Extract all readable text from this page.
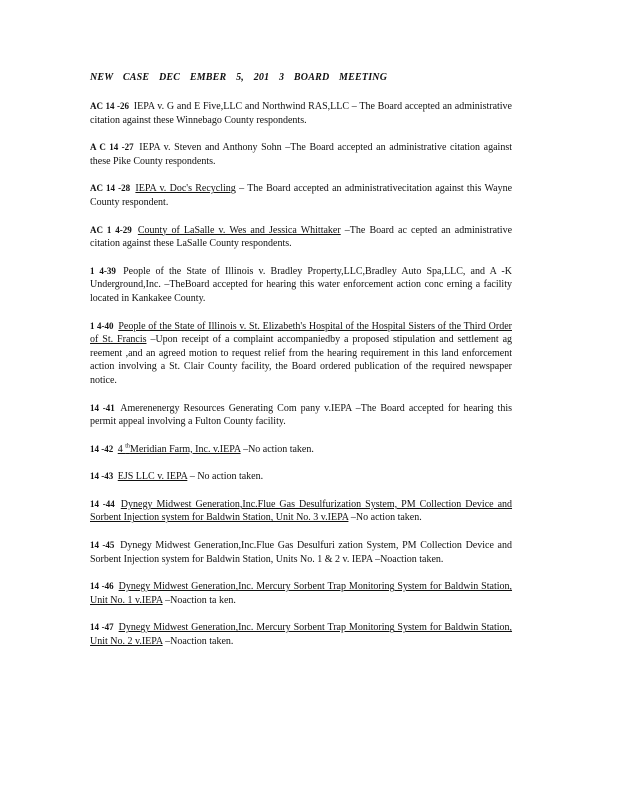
NEW CASE DEC EMBER 5, 201 3 BOARD MEETING

AC 14 -26 IEPA v. G and E Five,LLC and Northwind RAS,LLC – The Board accepted an administrative citation against these Winnebago County respondents.

A C 14 -27 IEPA v. Steven and Anthony Sohn –The Board accepted an administrative citation against these Pike County respondents.

AC 14 -28 IEPA v. Doc's Recycling – The Board accepted an administrativecitation against this Wayne County respondent.

AC 1 4-29 County of LaSalle v. Wes and Jessica Whittaker –The Board ac cepted an administrative citation against these LaSalle County respondents.

1 4-39 People of the State of Illinois v. Bradley Property,LLC,Bradley Auto Spa,LLC, and A -K Underground,Inc. –TheBoard accepted for hearing this water enforcement action conc erning a facility located in Kankakee County.

1 4-40 People of the State of Illinois v. St. Elizabeth's Hospital of the Hospital Sisters of the Third Order of St. Francis –Upon receipt of a complaint accompaniedby a proposed stipulation and settlement ag reement ,and an agreed motion to request relief from the hearing requirement in this land enforcement action involving a St. Clair County facility, the Board ordered publication of the required newspaper notice.

14 -41 Amerenenergy Resources Generating Com pany v.IEPA –The Board accepted for hearing this permit appeal involving a Fulton County facility.

14 -42 4 $^{th}$Meridian Farm, Inc. v.IEPA –No action taken.

14 -43 EJS LLC v. IEPA – No action taken.

14 -44 Dynegy Midwest Generation,Inc.Flue Gas Desulfurization System, PM Collection Device and Sorbent Injection system for Baldwin Station, Unit No. 3 v.IEPA –No action taken.

14 -45 Dynegy Midwest Generation,Inc.Flue Gas Desulfuri zation System, PM Collection Device and Sorbent Injection system for Baldwin Station, Units No. 1 & 2 v. IEPA –Noaction taken.

14 -46 Dynegy Midwest Generation,Inc. Mercury Sorbent Trap Monitoring System for Baldwin Station, Unit No. 1 v.IEPA –Noaction ta ken.

14 -47 Dynegy Midwest Generation,Inc. Mercury Sorbent Trap Monitoring System for Baldwin Station, Unit No. 2 v.IEPA –Noaction taken.
